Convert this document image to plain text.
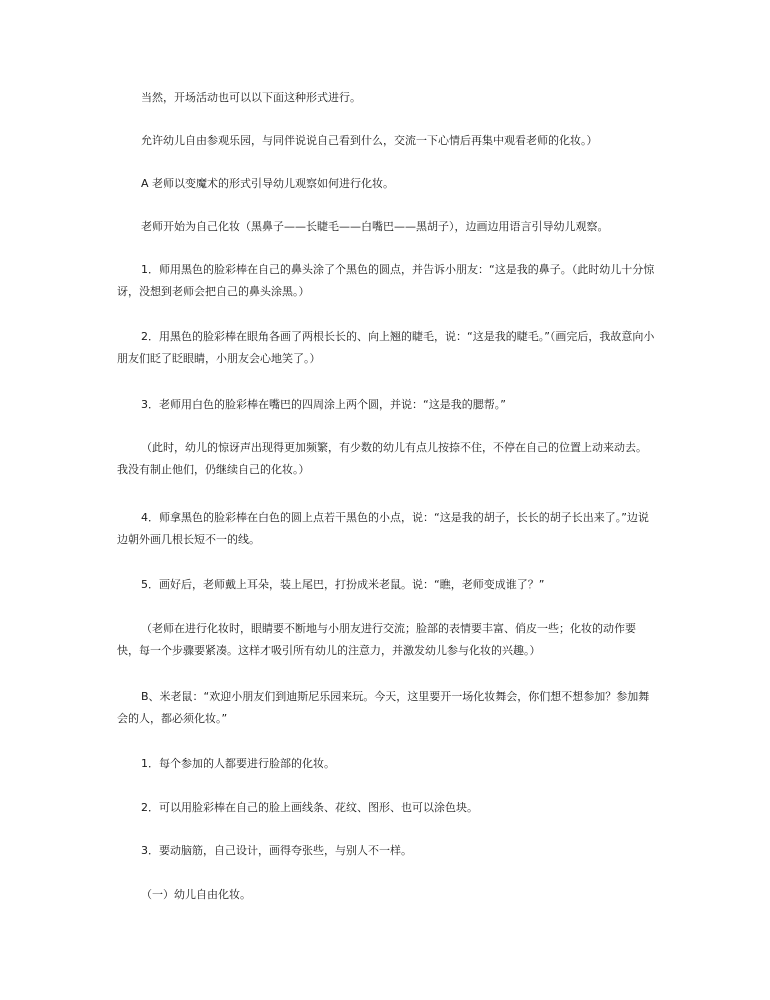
当然，开场活动也可以以下面这种形式进行。

允许幼儿自由参观乐园，与同伴说说自己看到什么，交流一下心情后再集中观看老师的化妆。）

A 老师以变魔术的形式引导幼儿观察如何进行化妆。

老师开始为自己化妆（黑鼻子——长睫毛——白嘴巴——黑胡子），边画边用语言引导幼儿观察。

1．师用黑色的脸彩棒在自己的鼻头涂了个黑色的圆点，并告诉小朋友：“这是我的鼻子。（此时幼儿十分惊讶，没想到老师会把自己的鼻头涂黑。）

2．用黑色的脸彩棒在眼角各画了两根长长的、向上翘的睫毛，说：“这是我的睫毛。”（画完后，我故意向小朋友们眨了眨眼睛，小朋友会心地笑了。）

3．老师用白色的脸彩棒在嘴巴的四周涂上两个圆，并说：“这是我的腮帮。”

（此时，幼儿的惊讶声出现得更加频繁，有少数的幼儿有点儿按捺不住，不停在自己的位置上动来动去。我没有制止他们，仍继续自己的化妆。）

4．师拿黑色的脸彩棒在白色的圆上点若干黑色的小点，说：“这是我的胡子，长长的胡子长出来了。”边说边朝外画几根长短不一的线。

5．画好后，老师戴上耳朵，装上尾巴，打扮成米老鼠。说：“瞧，老师变成谁了？”

（老师在进行化妆时，眼睛要不断地与小朋友进行交流；脸部的表情要丰富、俏皮一些；化妆的动作要快，每一个步骤要紧凑。这样才吸引所有幼儿的注意力，并激发幼儿参与化妆的兴趣。）

B、米老鼠：“欢迎小朋友们到迪斯尼乐园来玩。今天，这里要开一场化妆舞会，你们想不想参加？参加舞会的人，都必须化妆。”

1．每个参加的人都要进行脸部的化妆。

2．可以用脸彩棒在自己的脸上画线条、花纹、图形、也可以涂色块。

3．要动脑筋，自己设计，画得夸张些，与别人不一样。

（一）幼儿自由化妆。
